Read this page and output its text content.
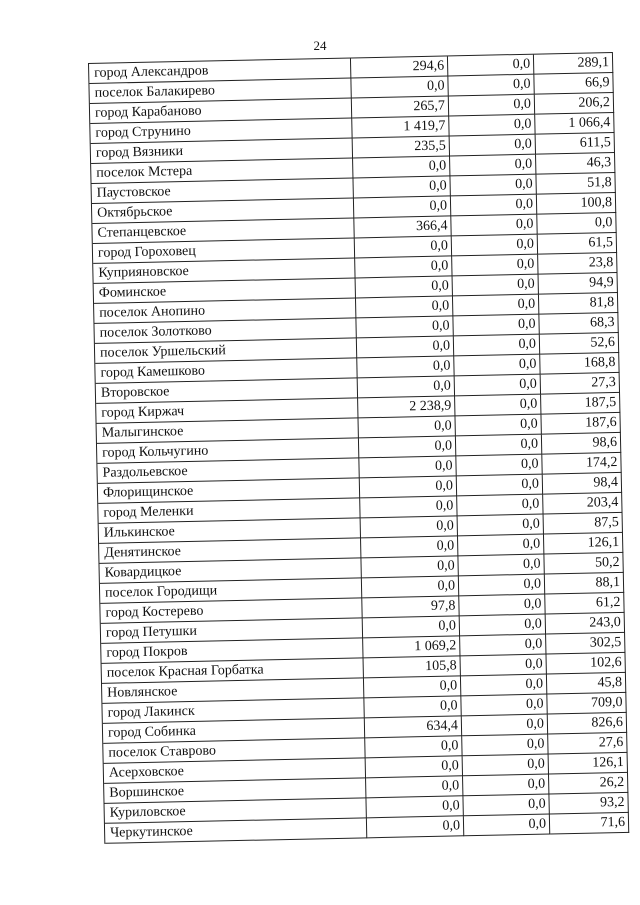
24
город Александров	294,6	0,0	289,1
поселок Балакирево	0,0	0,0	66,9
город Карабаново	265,7	0,0	206,2
город Струнино	1 419,7	0,0	1 066,4
город Вязники	235,5	0,0	611,5
поселок Мстера	0,0	0,0	46,3
Паустовское	0,0	0,0	51,8
Октябрьское	0,0	0,0	100,8
Степанцевское	366,4	0,0	0,0
город Гороховец	0,0	0,0	61,5
Куприяновское	0,0	0,0	23,8
Фоминское	0,0	0,0	94,9
поселок Анопино	0,0	0,0	81,8
поселок Золотково	0,0	0,0	68,3
поселок Уршельский	0,0	0,0	52,6
город Камешково	0,0	0,0	168,8
Второвское	0,0	0,0	27,3
город Киржач	2 238,9	0,0	187,5
Малыгинское	0,0	0,0	187,6
город Кольчугино	0,0	0,0	98,6
Раздольевское	0,0	0,0	174,2
Флорищинское	0,0	0,0	98,4
город Меленки	0,0	0,0	203,4
Илькинское	0,0	0,0	87,5
Денятинское	0,0	0,0	126,1
Ковардицкое	0,0	0,0	50,2
поселок Городищи	0,0	0,0	88,1
город Костерево	97,8	0,0	61,2
город Петушки	0,0	0,0	243,0
город Покров	1 069,2	0,0	302,5
поселок Красная Горбатка	105,8	0,0	102,6
Новлянское	0,0	0,0	45,8
город Лакинск	0,0	0,0	709,0
город Собинка	634,4	0,0	826,6
поселок Ставрово	0,0	0,0	27,6
Асерховское	0,0	0,0	126,1
Воршинское	0,0	0,0	26,2
Куриловское	0,0	0,0	93,2
Черкутинское	0,0	0,0	71,6
